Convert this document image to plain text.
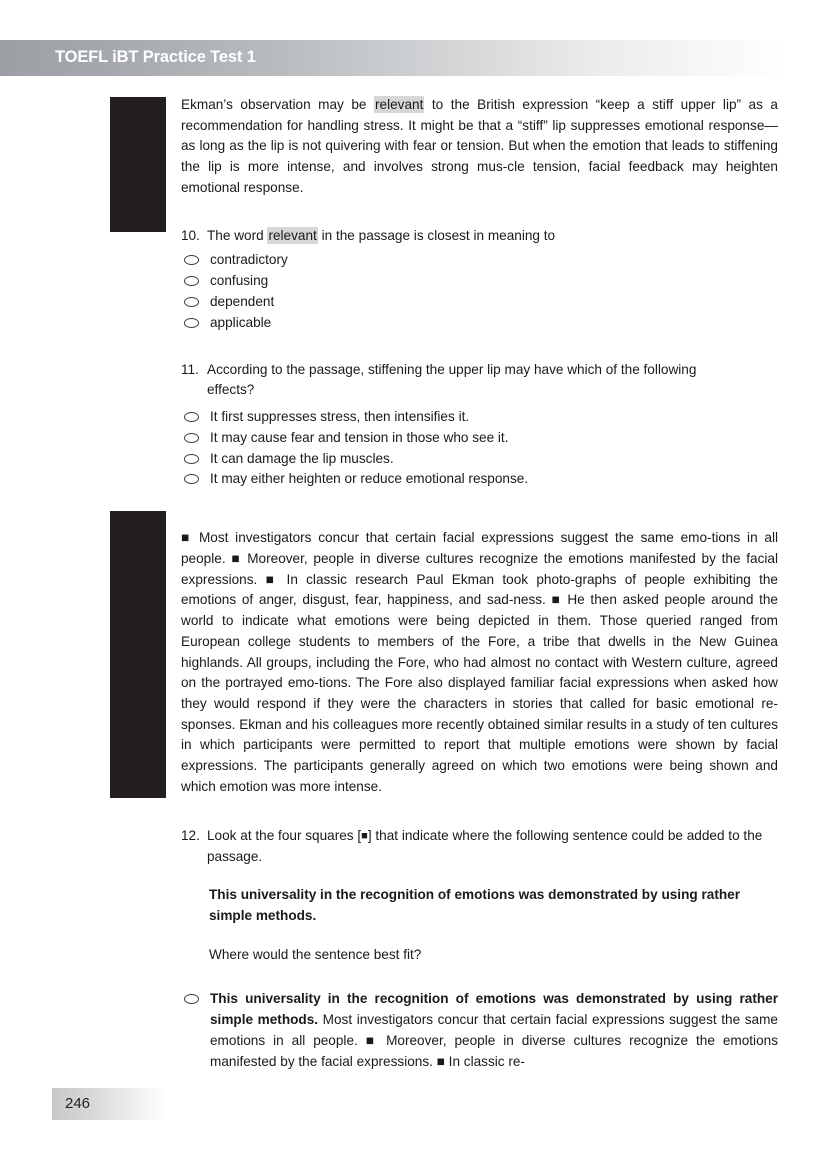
TOEFL iBT Practice Test 1

Ekman’s observation may be relevant to the British expression “keep a stiff upper lip” as a recommendation for handling stress. It might be that a “stiff” lip suppresses emotional response—as long as the lip is not quivering with fear or tension. But when the emotion that leads to stiffening the lip is more intense, and involves strong mus-cle tension, facial feedback may heighten emotional response.

10. The word relevant in the passage is closest in meaning to
contradictory
confusing
dependent
applicable
11. According to the passage, stiffening the upper lip may have which of the following effects?
It first suppresses stress, then intensifies it.
It may cause fear and tension in those who see it.
It can damage the lip muscles.
It may either heighten or reduce emotional response.

■ Most investigators concur that certain facial expressions suggest the same emo-tions in all people. ■ Moreover, people in diverse cultures recognize the emotions manifested by the facial expressions. ■ In classic research Paul Ekman took photo-graphs of people exhibiting the emotions of anger, disgust, fear, happiness, and sad-ness. ■ He then asked people around the world to indicate what emotions were being depicted in them. Those queried ranged from European college students to members of the Fore, a tribe that dwells in the New Guinea highlands. All groups, including the Fore, who had almost no contact with Western culture, agreed on the portrayed emo-tions. The Fore also displayed familiar facial expressions when asked how they would respond if they were the characters in stories that called for basic emotional re-sponses. Ekman and his colleagues more recently obtained similar results in a study of ten cultures in which participants were permitted to report that multiple emotions were shown by facial expressions. The participants generally agreed on which two emotions were being shown and which emotion was more intense.

12. Look at the four squares [■] that indicate where the following sentence could be added to the passage.
This universality in the recognition of emotions was demonstrated by using rather simple methods.
Where would the sentence best fit?
This universality in the recognition of emotions was demonstrated by using rather simple methods. Most investigators concur that certain facial expressions suggest the same emotions in all people. ■ Moreover, people in diverse cultures recognize the emotions manifested by the facial expressions. ■ In classic re-
246
